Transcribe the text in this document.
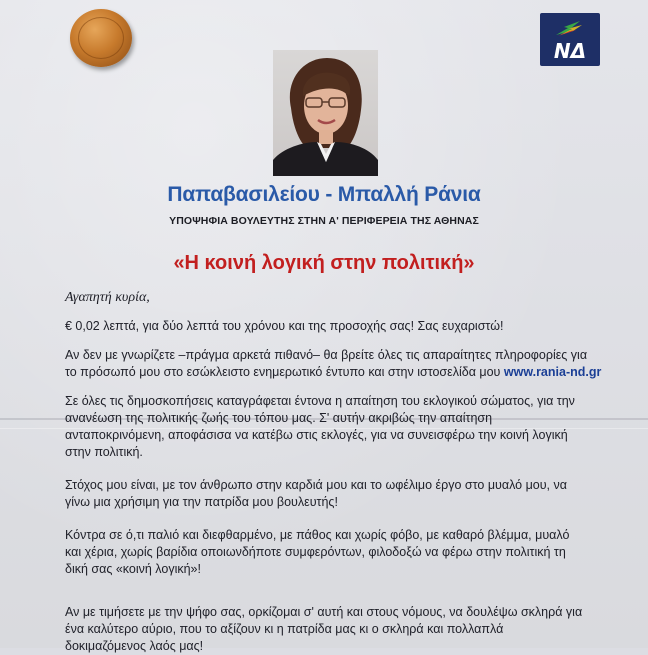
ΝΔ
Παπαβασιλείου - Μπαλλή Ράνια
ΥΠΟΨΗΦΙΑ ΒΟΥΛΕΥΤΗΣ ΣΤΗΝ Α' ΠΕΡΙΦΕΡΕΙΑ ΤΗΣ ΑΘΗΝΑΣ
«Η κοινή λογική στην πολιτική»
Αγαπητή κυρία,
€ 0,02 λεπτά, για δύο λεπτά του χρόνου και της προσοχής σας! Σας ευχαριστώ!
Αν δεν με γνωρίζετε –πράγμα αρκετά πιθανό– θα βρείτε όλες τις απαραίτητες πληροφορίες για
το πρόσωπό μου στο εσώκλειστο ενημερωτικό έντυπο και στην ιστοσελίδα μου www.rania-nd.gr
Σε όλες τις δημοσκοπήσεις καταγράφεται έντονα η απαίτηση του εκλογικού σώματος, για την
ανανέωση της πολιτικής ζωής του τόπου μας. Σ' αυτήν ακριβώς την απαίτηση
ανταποκρινόμενη, αποφάσισα να κατέβω στις εκλογές, για να συνεισφέρω την κοινή λογική
στην πολιτική.
Στόχος μου είναι, με τον άνθρωπο στην καρδιά μου και το ωφέλιμο έργο στο μυαλό μου, να
γίνω μια χρήσιμη για την πατρίδα μου βουλευτής!
Κόντρα σε ό,τι παλιό και διεφθαρμένο, με πάθος και χωρίς φόβο, με καθαρό βλέμμα, μυαλό
και χέρια, χωρίς βαρίδια οποιωνδήποτε συμφερόντων, φιλοδοξώ να φέρω στην πολιτική τη
δική σας «κοινή λογική»!
Αν με τιμήσετε με την ψήφο σας, ορκίζομαι σ' αυτή και στους νόμους, να δουλέψω σκληρά για
ένα καλύτερο αύριο, που το αξίζουν κι η πατρίδα μας κι ο σκληρά και πολλαπλά
δοκιμαζόμενος λαός μας!
